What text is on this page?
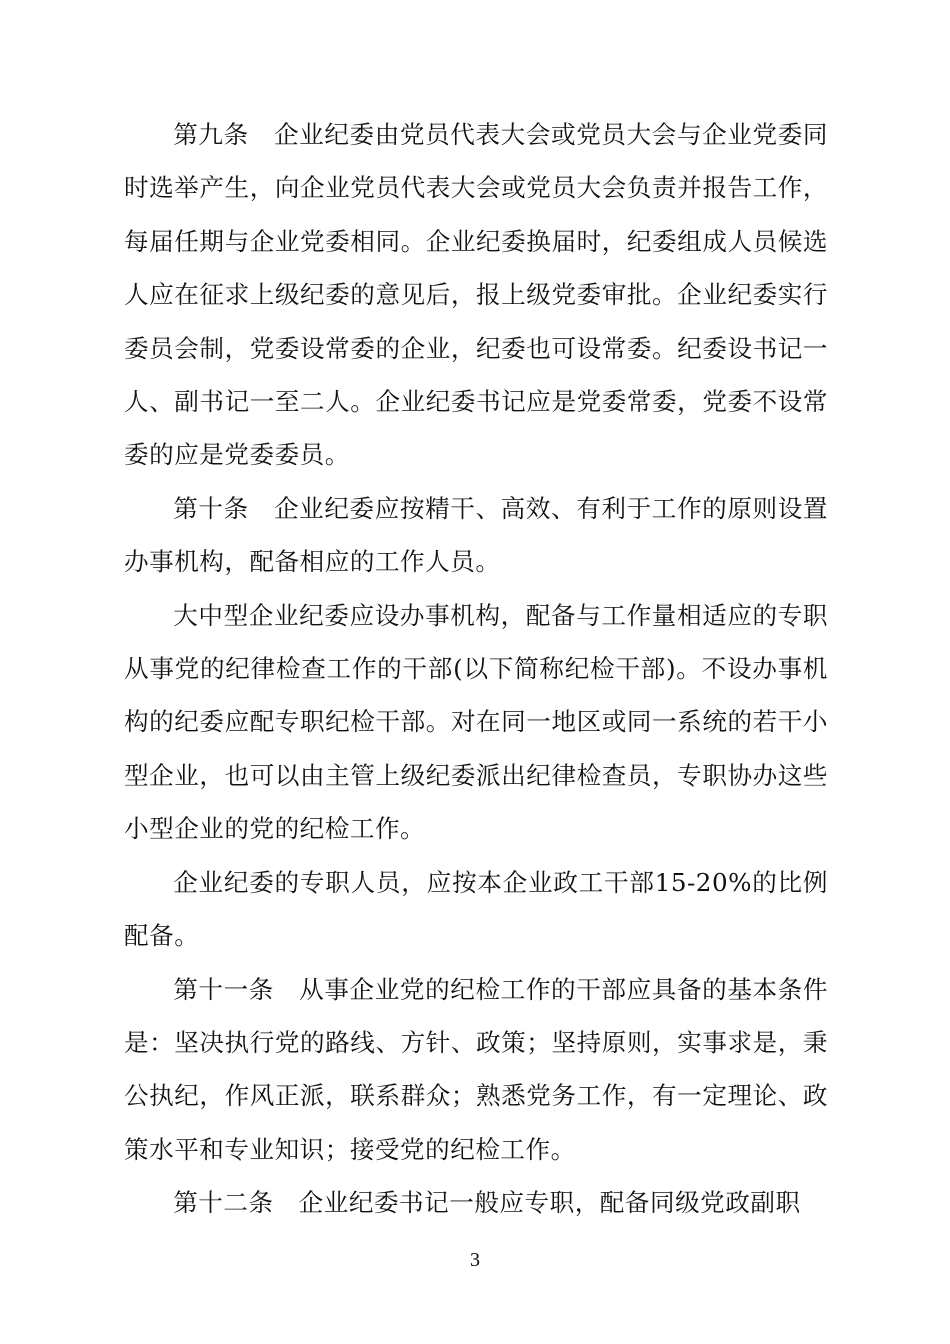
第九条　企业纪委由党员代表大会或党员大会与企业党委同时选举产生，向企业党员代表大会或党员大会负责并报告工作，每届任期与企业党委相同。企业纪委换届时，纪委组成人员候选人应在征求上级纪委的意见后，报上级党委审批。企业纪委实行委员会制，党委设常委的企业，纪委也可设常委。纪委设书记一人、副书记一至二人。企业纪委书记应是党委常委，党委不设常委的应是党委委员。

第十条　企业纪委应按精干、高效、有利于工作的原则设置办事机构，配备相应的工作人员。

大中型企业纪委应设办事机构，配备与工作量相适应的专职从事党的纪律检查工作的干部(以下简称纪检干部)。不设办事机构的纪委应配专职纪检干部。对在同一地区或同一系统的若干小型企业，也可以由主管上级纪委派出纪律检查员，专职协办这些小型企业的党的纪检工作。

企业纪委的专职人员，应按本企业政工干部15-20%的比例配备。

第十一条　从事企业党的纪检工作的干部应具备的基本条件是：坚决执行党的路线、方针、政策；坚持原则，实事求是，秉公执纪，作风正派，联系群众；熟悉党务工作，有一定理论、政策水平和专业知识；接受党的纪检工作。

第十二条　企业纪委书记一般应专职，配备同级党政副职

3
